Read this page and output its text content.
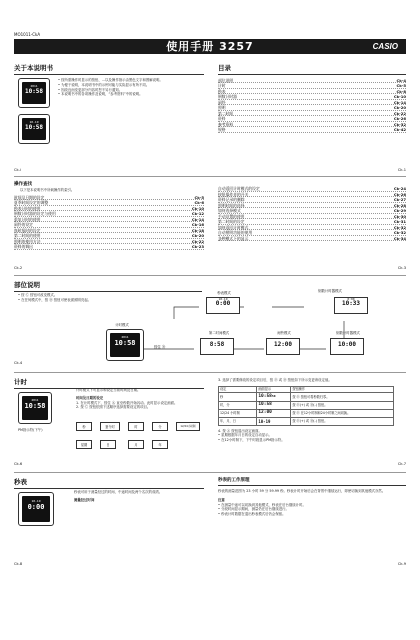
MO1011-CkA
使用手册 3257	CASIO
关于本说明书
2011
10:58
10-19
10:58
• 按所需操作时显示的按钮、…以及操作指示由黑色文字和图解说明。
• 为便于说明，本说明书中的示例可能与实际显示有所不同。
• 因改良而变更部分内容时恕不另行通知。
• 本说明书中的各项操作及说明，“参考资料”中的说明。
Ck-i
目录
部位说明	Ck-4
计时	Ck-5
秒表	Ck-8
倒数计时器	Ck-10
闹铃	Ck-14
照明	Ck-20
第二时间	Ck-22
资料	Ck-26
参考资料	Ck-32
规格	Ck-42
Ck-1
操作查找
以下是本说明书中所载操作的索引。
时间及日期的设定	Ck-5
夏季时间设定的调整	Ck-6
秒表计时的使用	Ck-10
倒数计时器的设定与使用	Ck-12
重复计时的使用	Ck-14
闹铃的设定	Ck-16
每时报时的设定	Ck-18
第二时间的使用	Ck-20
照明的使用方法	Ck-22
资料的调出	Ck-23
Ck-2
自动返回计时模式的设定	Ck-24
按钮操作音的开关	Ck-26
资料记录的删除	Ck-27
照明时间的选择	Ck-28
如何选择模式	Ck-29
手动设置的使用	Ck-30
第二时间的设定	Ck-31
如何返回计时模式	Ck-32
自动照明功能的使用	Ck-32
各种模式下的显示	Ck-34
Ck-3
部位说明
• 按 Ⓒ 按钮可改变模式。
• 在任何模式中，按 Ⓑ 按钮可使表面照明亮起。
秒表模式
10-19
0:00
倒数计时器模式
0:00
10:33
计时模式
2011
10:58	按住 Ⓑ
第二时间模式
8:58
闹铃模式
12:00
倒数计时器模式
10:00
Ck-4
计时
2011
10:58
PM指示符(下午)
计时模式下可显示和设定当前时间及日期。
时间及日期的设定
1. 在计时模式下，按住 Ⓐ 直至秒数开始闪动。此时显示设定画面。
2. 按 Ⓒ 按钮依照下述顺序选择需要设定的项目。
秒	夏令时	时	分	12/24小时制
星期	日	月	年
Ck-6
3. 选择了需要修改的设定项目后，按 Ⓓ 或 Ⓑ 按钮如下所示变更该设定值。
设定	画面显示	按钮操作
秒	10:5850	按 Ⓓ 按钮可将秒数归零。
时，分	10:58	按 Ⓓ(+) 或 Ⓑ(-) 按钮。
12/24 小时制	12:00	按 Ⓓ 在12小时制和24小时制之间切换。
年，月，日	10-19	按 Ⓓ(+) 或 Ⓑ(-) 按钮。
4. 按 Ⓐ 按钮退出设定画面。
• 星期根据年月日的设定自动显示。
• 在12小时制下，下午时段显示PM指示符。
Ck-7
秒表
10-19
0:00
秒表可用于测量经过的时间、中途时间及两个名次的成绩。
测量经过时间
Ck-8
秒表的工作原理
秒表的测量范围为 23 小时 59 分 59.99 秒。秒表计时开始后会在背景中继续运行，即使切换到其他模式亦然。
注意
• 在测量中途可以切换到其他模式，秒表在后台继续计时。
• 分段时间显示期间，测量仍在后台继续进行。
• 秒表计时数据在退出秒表模式后仍会保留。
Ck-9
